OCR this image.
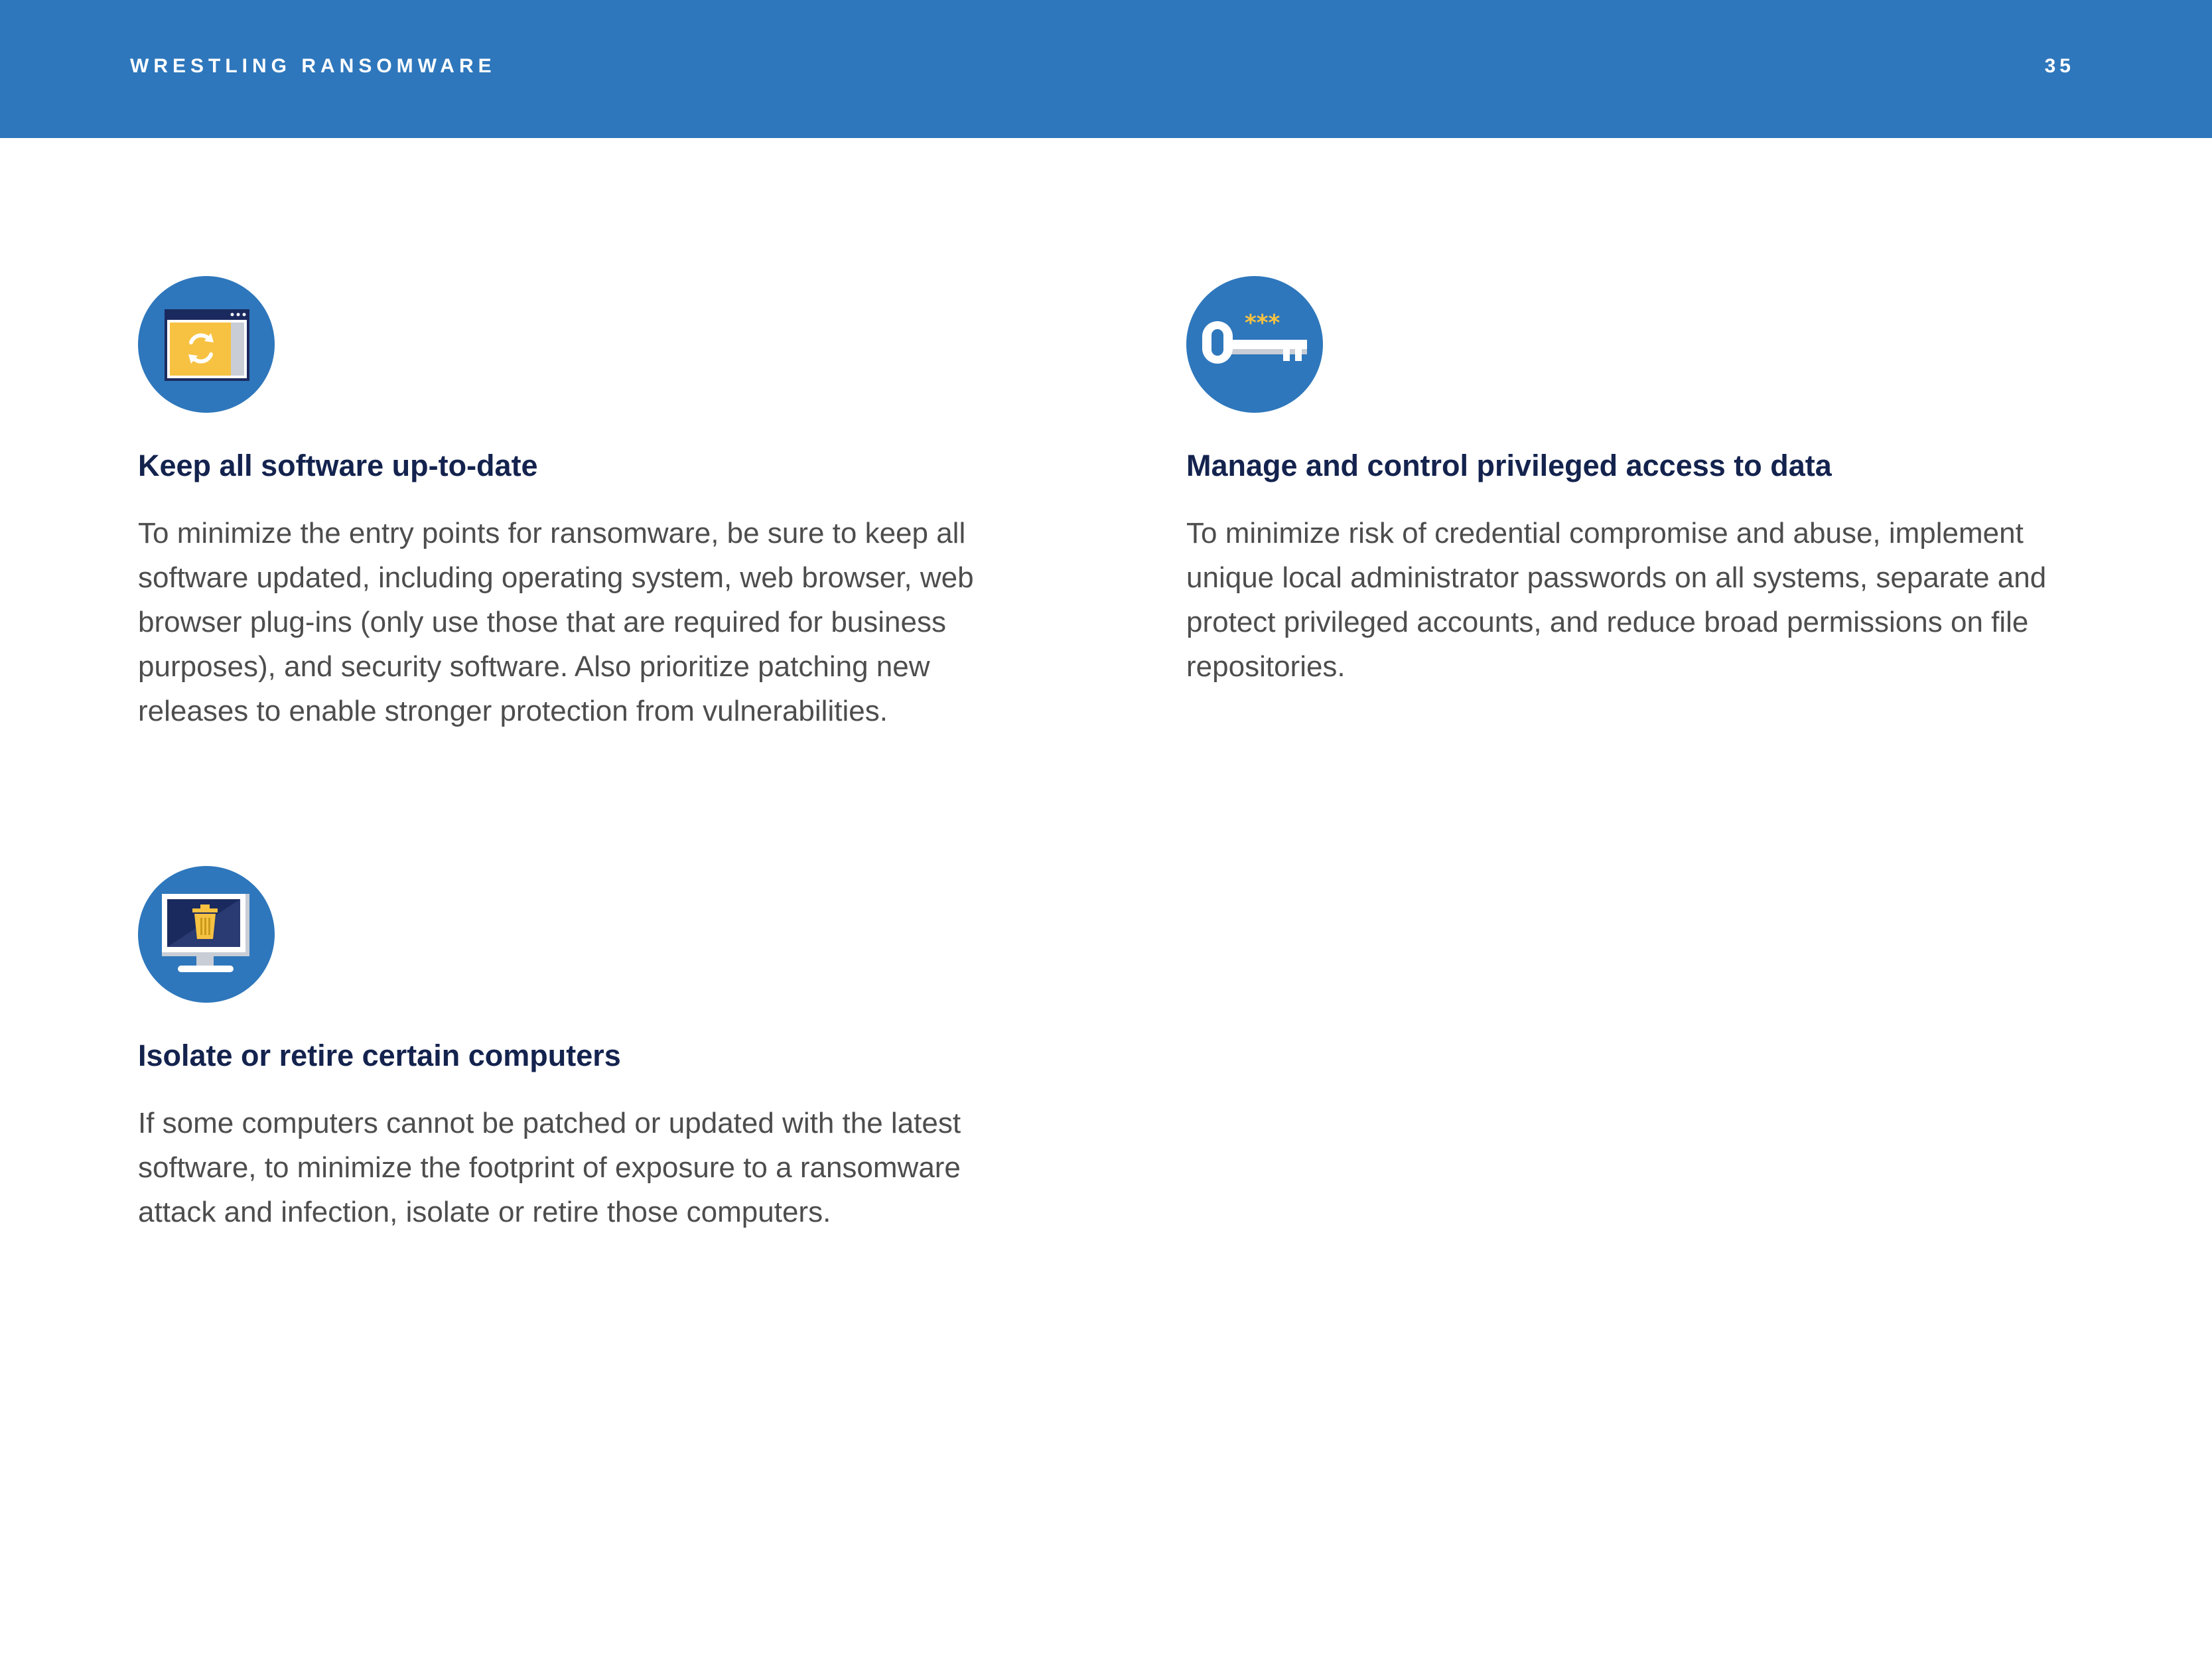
WRESTLING RANSOMWARE	35
Keep all software up-to-date
To minimize the entry points for ransomware, be sure to keep all software updated, including operating system, web browser, web browser plug-ins (only use those that are required for business purposes), and security software. Also prioritize patching new releases to enable stronger protection from vulnerabilities.
***
Manage and control privileged access to data
To minimize risk of credential compromise and abuse, implement unique local administrator passwords on all systems, separate and protect privileged accounts, and reduce broad permissions on file repositories.
Isolate or retire certain computers
If some computers cannot be patched or updated with the latest software, to minimize the footprint of exposure to a ransomware attack and infection, isolate or retire those computers.
